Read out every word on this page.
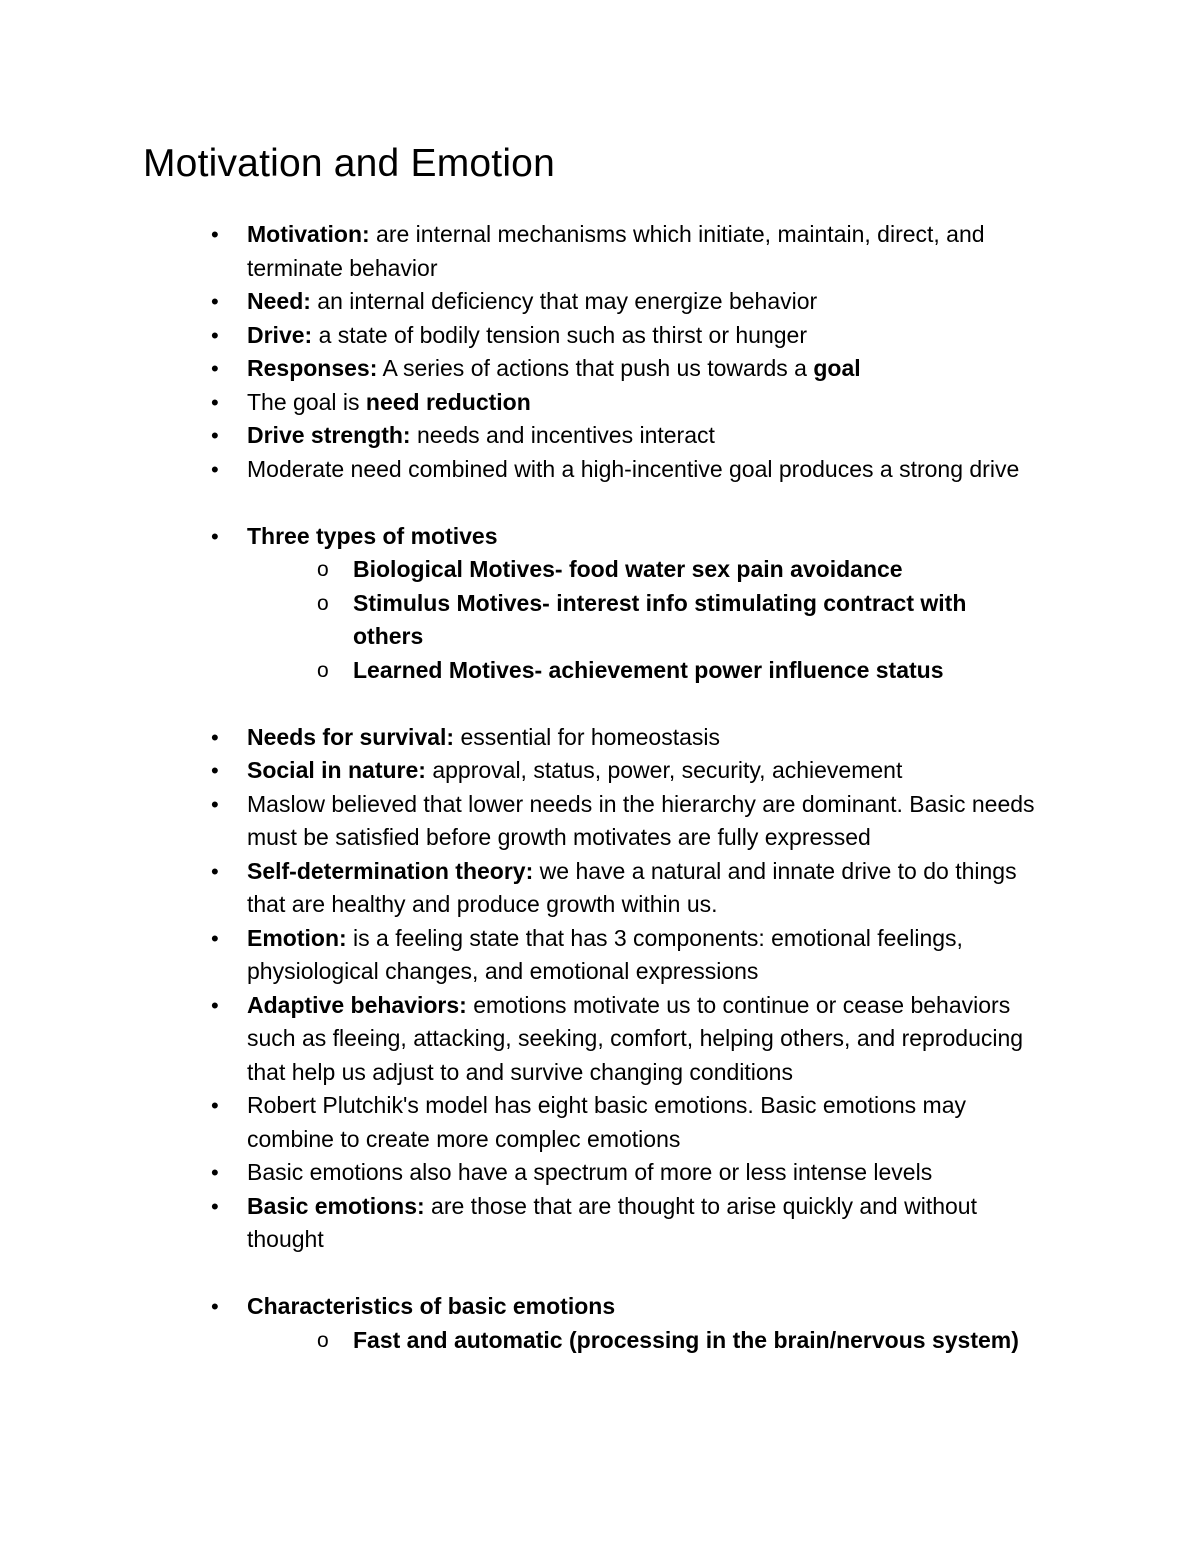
Motivation and Emotion
• Motivation: are internal mechanisms which initiate, maintain, direct, and terminate behavior
• Need: an internal deficiency that may energize behavior
• Drive: a state of bodily tension such as thirst or hunger
• Responses: A series of actions that push us towards a goal
• The goal is need reduction
• Drive strength: needs and incentives interact
• Moderate need combined with a high-incentive goal produces a strong drive
• Three types of motives
o Biological Motives- food water sex pain avoidance
o Stimulus Motives- interest info stimulating contract with others
o Learned Motives- achievement power influence status
• Needs for survival: essential for homeostasis
• Social in nature: approval, status, power, security, achievement
• Maslow believed that lower needs in the hierarchy are dominant. Basic needs must be satisfied before growth motivates are fully expressed
• Self-determination theory: we have a natural and innate drive to do things that are healthy and produce growth within us.
• Emotion: is a feeling state that has 3 components: emotional feelings, physiological changes, and emotional expressions
• Adaptive behaviors: emotions motivate us to continue or cease behaviors such as fleeing, attacking, seeking, comfort, helping others, and reproducing that help us adjust to and survive changing conditions
• Robert Plutchik's model has eight basic emotions. Basic emotions may combine to create more complec emotions
• Basic emotions also have a spectrum of more or less intense levels
• Basic emotions: are those that are thought to arise quickly and without thought
• Characteristics of basic emotions
o Fast and automatic (processing in the brain/nervous system)
